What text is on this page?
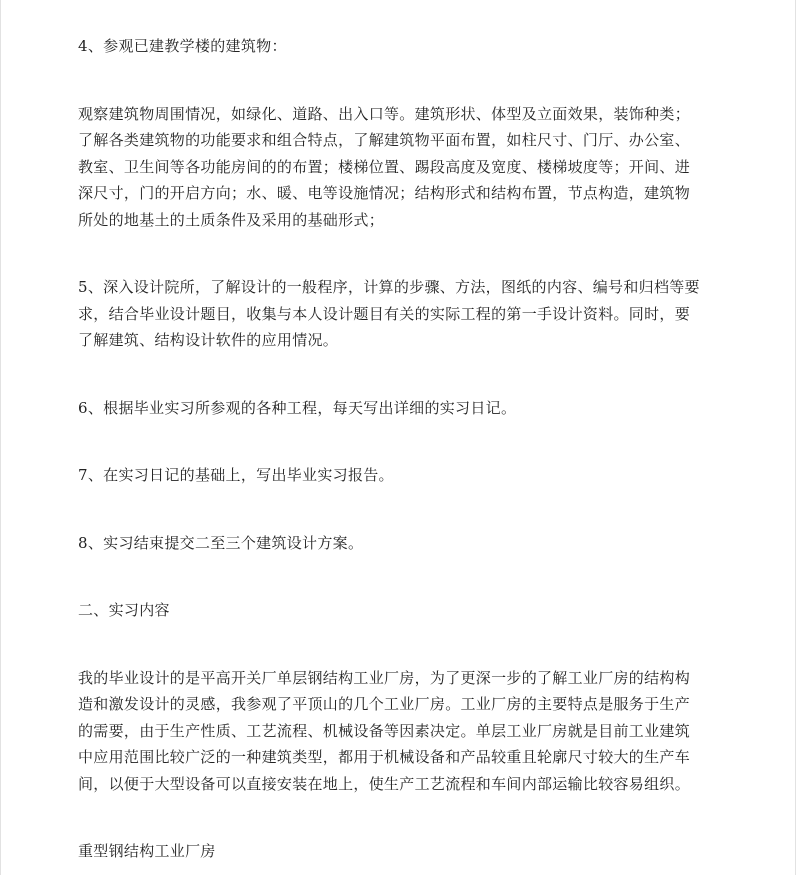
4、参观已建教学楼的建筑物：
观察建筑物周围情况，如绿化、道路、出入口等。建筑形状、体型及立面效果，装饰种类；
了解各类建筑物的功能要求和组合特点，了解建筑物平面布置，如柱尺寸、门厅、办公室、
教室、卫生间等各功能房间的的布置；楼梯位置、踢段高度及宽度、楼梯坡度等；开间、进
深尺寸，门的开启方向；水、暖、电等设施情况；结构形式和结构布置，节点构造，建筑物
所处的地基土的土质条件及采用的基础形式；
5、深入设计院所，了解设计的一般程序，计算的步骤、方法，图纸的内容、编号和归档等要
求，结合毕业设计题目，收集与本人设计题目有关的实际工程的第一手设计资料。同时，要
了解建筑、结构设计软件的应用情况。
6、根据毕业实习所参观的各种工程，每天写出详细的实习日记。
7、在实习日记的基础上，写出毕业实习报告。
8、实习结束提交二至三个建筑设计方案。
二、实习内容
我的毕业设计的是平高开关厂单层钢结构工业厂房，为了更深一步的了解工业厂房的结构构
造和激发设计的灵感，我参观了平顶山的几个工业厂房。工业厂房的主要特点是服务于生产
的需要，由于生产性质、工艺流程、机械设备等因素决定。单层工业厂房就是目前工业建筑
中应用范围比较广泛的一种建筑类型，都用于机械设备和产品较重且轮廓尺寸较大的生产车
间，以便于大型设备可以直接安装在地上，使生产工艺流程和车间内部运输比较容易组织。
重型钢结构工业厂房
